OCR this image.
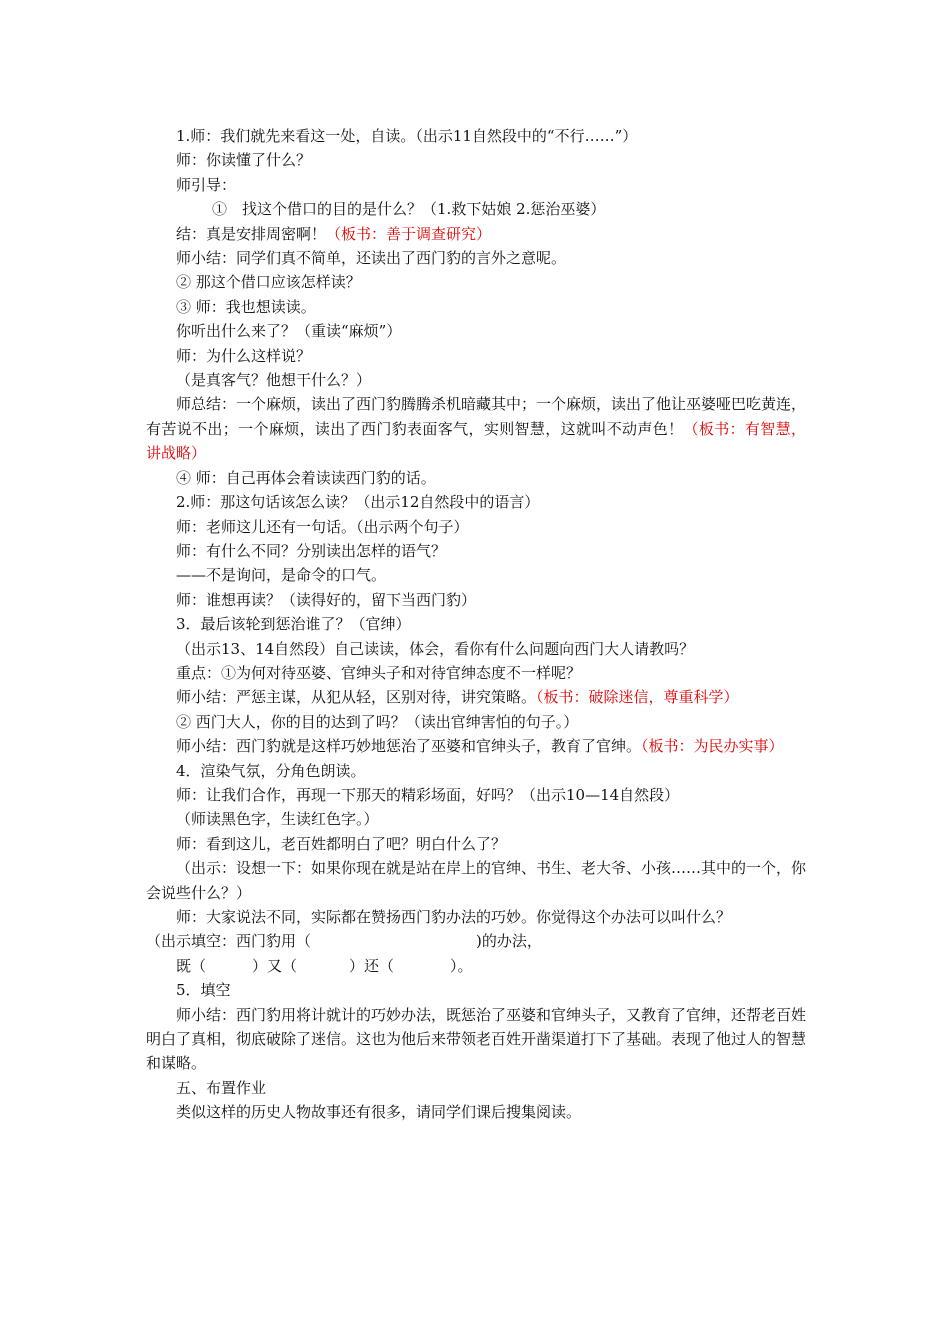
1.师：我们就先来看这一处，自读。（出示11自然段中的“不行……”）

师：你读懂了什么？

师引导：

①　找这个借口的目的是什么？（1.救下姑娘 2.惩治巫婆）

结：真是安排周密啊！（板书：善于调查研究）

师小结：同学们真不简单，还读出了西门豹的言外之意呢。

② 那这个借口应该怎样读？

③ 师：我也想读读。

你听出什么来了？（重读“麻烦”）

师：为什么这样说？

（是真客气？他想干什么？）

师总结：一个麻烦，读出了西门豹腾腾杀机暗藏其中；一个麻烦，读出了他让巫婆哑巴吃黄连，有苦说不出；一个麻烦，读出了西门豹表面客气，实则智慧，这就叫不动声色！（板书：有智慧，讲战略）

④ 师：自己再体会着读读西门豹的话。

2.师：那这句话该怎么读？（出示12自然段中的语言）

师：老师这儿还有一句话。（出示两个句子）

师：有什么不同？分别读出怎样的语气？

——不是询问，是命令的口气。

师：谁想再读？（读得好的，留下当西门豹）

3．最后该轮到惩治谁了？（官绅）

（出示13、14自然段）自己读读，体会，看你有什么问题向西门大人请教吗？

重点：①为何对待巫婆、官绅头子和对待官绅态度不一样呢？

师小结：严惩主谋，从犯从轻，区别对待，讲究策略。（板书：破除迷信，尊重科学）

② 西门大人，你的目的达到了吗？（读出官绅害怕的句子。）

师小结：西门豹就是这样巧妙地惩治了巫婆和官绅头子，教育了官绅。（板书：为民办实事）

4．渲染气氛，分角色朗读。

师：让我们合作，再现一下那天的精彩场面，好吗？（出示10—14自然段）

（师读黑色字，生读红色字。）

师：看到这儿，老百姓都明白了吧？明白什么了？

（出示：设想一下：如果你现在就是站在岸上的官绅、书生、老大爷、小孩……其中的一个，你会说些什么？）

师：大家说法不同，实际都在赞扬西门豹办法的巧妙。你觉得这个办法可以叫什么？

（出示填空：西门豹用（	)的办法，

既（	）又（	）还（	）。

5．填空

师小结：西门豹用将计就计的巧妙办法，既惩治了巫婆和官绅头子，又教育了官绅，还帮老百姓明白了真相，彻底破除了迷信。这也为他后来带领老百姓开凿渠道打下了基础。表现了他过人的智慧和谋略。

五、布置作业

类似这样的历史人物故事还有很多，请同学们课后搜集阅读。
